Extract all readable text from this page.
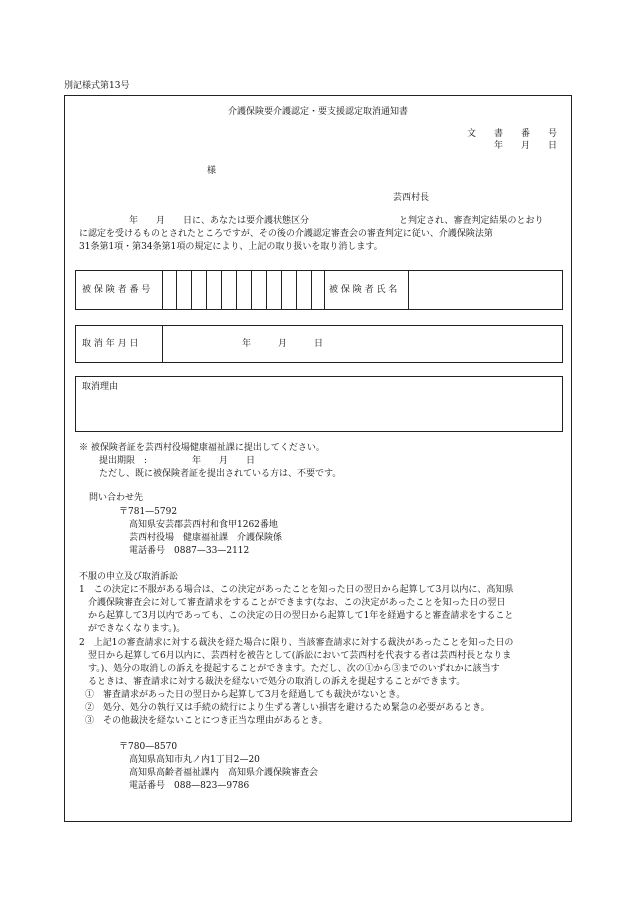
別記様式第13号
介護保険要介護認定・要支援認定取消通知書
文　　書　　番　　号
年　　月　　日
様
芸西村長
年　　月　　日に、あなたは要介護状態区分	と判定され、審査判定結果のとおり
に認定を受けるものとされたところですが、その後の介護認定審査会の審査判定に従い、介護保険法第
31条第1項・第34条第1項の規定により、上記の取り扱いを取り消します。
被 保 険 者 番 号	被 保 険 者 氏 名
取 消 年 月 日	年　　　月　　　日
取消理由
※ 被保険者証を芸西村役場健康福祉課に提出してください。
提出期限　:　　　　　年　　月　　日
ただし、既に被保険者証を提出されている方は、不要です。
問い合わせ先
〒781—5792
高知県安芸郡芸西村和食甲1262番地
芸西村役場　健康福祉課　介護保険係
電話番号　0887—33—2112
不服の申立及び取消訴訟
1　この決定に不服がある場合は、この決定があったことを知った日の翌日から起算して3月以内に、高知県
　介護保険審査会に対して審査請求をすることができます(なお、この決定があったことを知った日の翌日
　から起算して3月以内であっても、この決定の日の翌日から起算して1年を経過すると審査請求をすること
　ができなくなります。)。
2　上記1の審査請求に対する裁決を経た場合に限り、当該審査請求に対する裁決があったことを知った日の
　翌日から起算して6月以内に、芸西村を被告として(訴訟において芸西村を代表する者は芸西村長となりま
　す。)、処分の取消しの訴えを提起することができます。ただし、次の①から③までのいずれかに該当す
　るときは、審査請求に対する裁決を経ないで処分の取消しの訴えを提起することができます。
①　審査請求があった日の翌日から起算して3月を経過しても裁決がないとき。
②　処分、処分の執行又は手続の続行により生ずる著しい損害を避けるため緊急の必要があるとき。
③　その他裁決を経ないことにつき正当な理由があるとき。
〒780—8570
高知県高知市丸ノ内1丁目2—20
高知県高齢者福祉課内　高知県介護保険審査会
電話番号　088—823—9786
